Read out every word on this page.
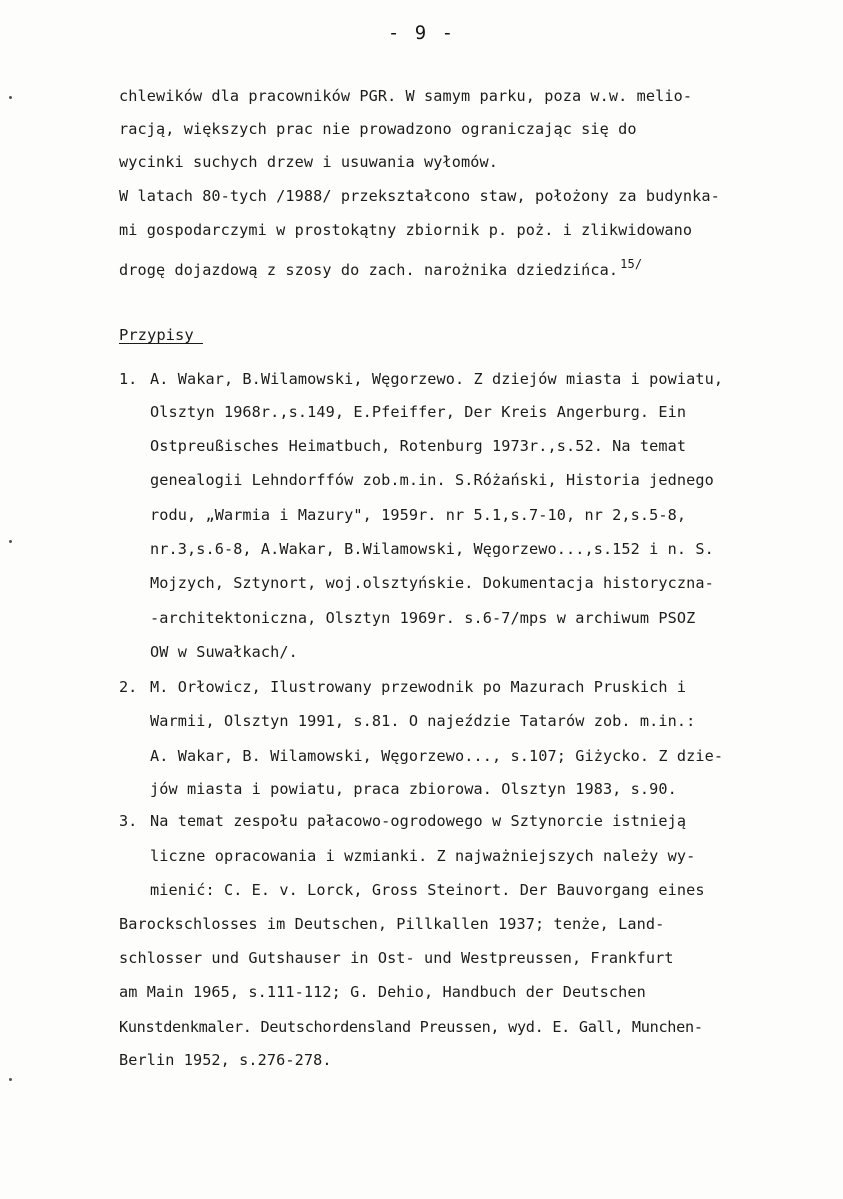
- 9 -
chlewików dla pracowników PGR. W samym parku, poza w.w. melio-
racją, większych prac nie prowadzono ograniczając się do
wycinki suchych drzew i usuwania wyłomów.
W latach 80-tych /1988/ przekształcono staw, położony za budynka-
mi gospodarczymi w prostokątny zbiornik p. poż. i zlikwidowano
drogę dojazdową z szosy do zach. narożnika dziedzińca. $^{15/}$
Przypisy_
1. A. Wakar, B.Wilamowski, Węgorzewo. Z dziejów miasta i powiatu,
Olsztyn 1968r.,s.149, E.Pfeiffer, Der Kreis Angerburg. Ein
Ostpreußisches Heimatbuch, Rotenburg 1973r.,s.52. Na temat
genealogii Lehndorffów zob.m.in. S.Różański, Historia jednego
rodu, „Warmia i Mazury", 1959r. nr 5.1,s.7-10, nr 2,s.5-8,
nr.3,s.6-8, A.Wakar, B.Wilamowski, Węgorzewo...,s.152 i n. S.
Mojzych, Sztynort, woj.olsztyńskie. Dokumentacja historyczna-
-architektoniczna, Olsztyn 1969r. s.6-7/mps w archiwum PSOZ
OW w Suwałkach/.
2. M. Orłowicz, Ilustrowany przewodnik po Mazurach Pruskich i
Warmii, Olsztyn 1991, s.81. O najeździe Tatarów zob. m.in.:
A. Wakar, B. Wilamowski, Węgorzewo..., s.107; Giżycko. Z dzie-
jów miasta i powiatu, praca zbiorowa. Olsztyn 1983, s.90.
3. Na temat zespołu pałacowo-ogrodowego w Sztynorcie istnieją
liczne opracowania i wzmianki. Z najważniejszych należy wy-
mienić: C. E. v. Lorck, Gross Steinort. Der Bauvorgang eines
Barockschlosses im Deutschen, Pillkallen 1937; tenże, Land-
schlosser und Gutshauser in Ost- und Westpreussen, Frankfurt
am Main 1965, s.111-112; G. Dehio, Handbuch der Deutschen
Kunstdenkmaler. Deutschordensland Preussen, wyd. E. Gall, Munchen-
Berlin 1952, s.276-278.
